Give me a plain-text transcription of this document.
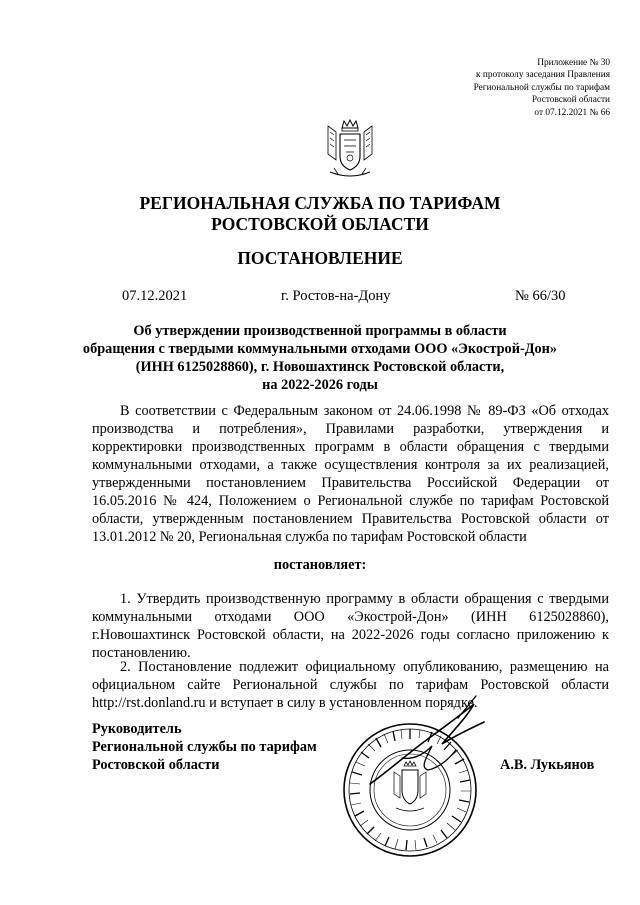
Приложение № 30
к протоколу заседания Правления
Региональной службы по тарифам
Ростовской области
от 07.12.2021 № 66
РЕГИОНАЛЬНАЯ СЛУЖБА ПО ТАРИФАМ
РОСТОВСКОЙ ОБЛАСТИ
ПОСТАНОВЛЕНИЕ
07.12.2021	г. Ростов-на-Дону	№ 66/30
Об утверждении производственной программы в области
обращения с твердыми коммунальными отходами ООО «Экострой-Дон»
(ИНН 6125028860), г. Новошахтинск Ростовской области,
на 2022-2026 годы
В соответствии с Федеральным законом от 24.06.1998 № 89-ФЗ «Об отходах производства и потребления», Правилами разработки, утверждения и корректировки производственных программ в области обращения с твердыми коммунальными отходами, а также осуществления контроля за их реализацией, утвержденными постановлением Правительства Российской Федерации от 16.05.2016 № 424, Положением о Региональной службе по тарифам Ростовской области, утвержденным постановлением Правительства Ростовской области от 13.01.2012 № 20, Региональная служба по тарифам Ростовской области
постановляет:
1. Утвердить производственную программу в области обращения с твердыми коммунальными отходами ООО «Экострой-Дон» (ИНН 6125028860), г.Новошахтинск Ростовской области, на 2022-2026 годы согласно приложению к постановлению.
2. Постановление подлежит официальному опубликованию, размещению на официальном сайте Региональной службы по тарифам Ростовской области http://rst.donland.ru и вступает в силу в установленном порядке.
Руководитель
Региональной службы по тарифам
Ростовской области	А.В. Лукьянов
